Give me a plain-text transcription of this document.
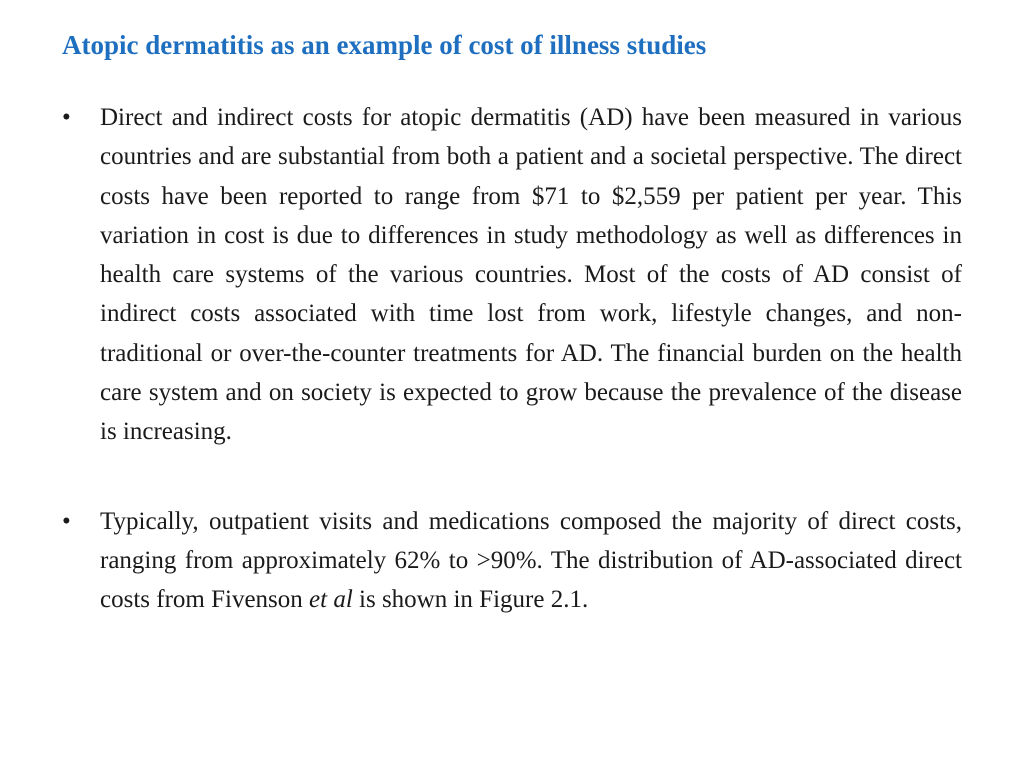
Atopic dermatitis as an example of cost of illness studies
• Direct and indirect costs for atopic dermatitis (AD) have been measured in various countries and are substantial from both a patient and a societal perspective. The direct costs have been reported to range from $71 to $2,559 per patient per year. This variation in cost is due to differences in study methodology as well as differences in health care systems of the various countries. Most of the costs of AD consist of indirect costs associated with time lost from work, lifestyle changes, and non-traditional or over-the-counter treatments for AD. The financial burden on the health care system and on society is expected to grow because the prevalence of the disease is increasing.
• Typically, outpatient visits and medications composed the majority of direct costs, ranging from approximately 62% to >90%. The distribution of AD-associated direct costs from Fivenson et al is shown in Figure 2.1.
